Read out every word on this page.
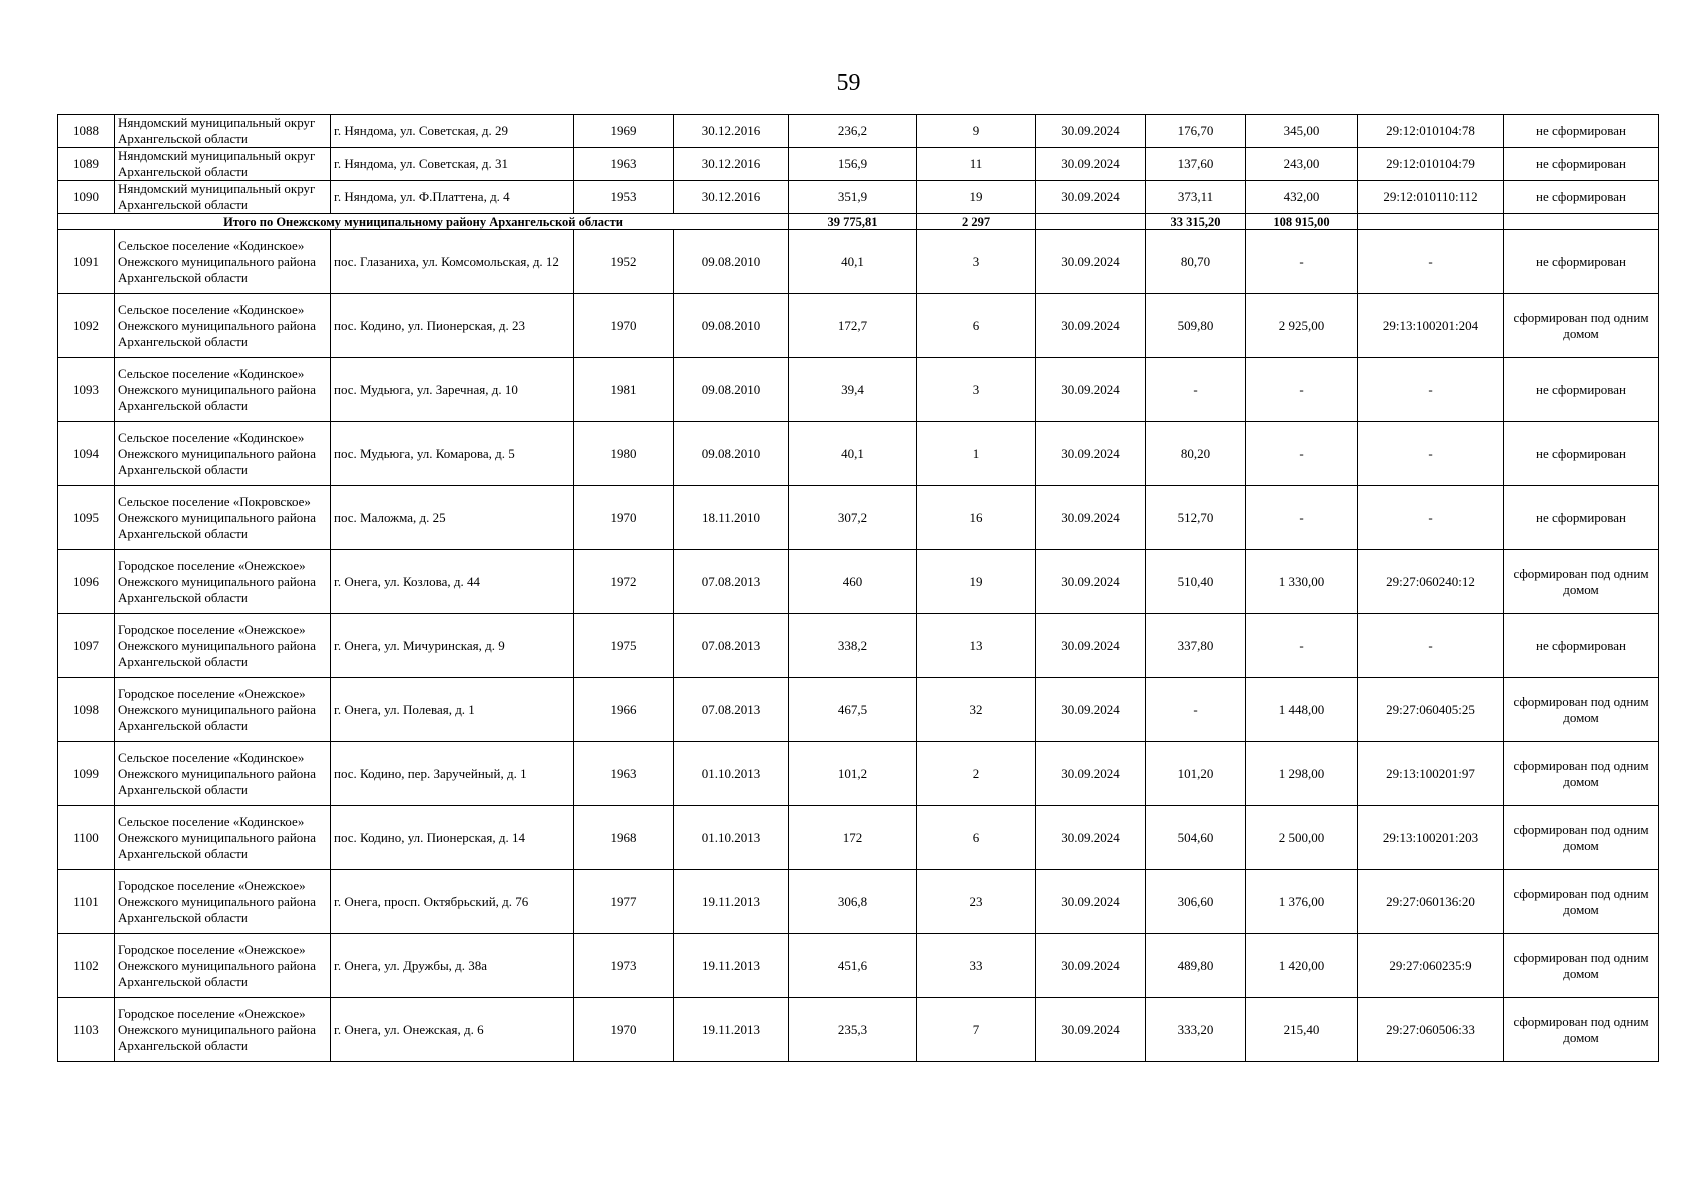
59
1088	Няндомский муниципальный округ Архангельской области	г. Няндома, ул. Советская, д. 29	1969	30.12.2016	236,2	9	30.09.2024	176,70	345,00	29:12:010104:78	не сформирован
1089	Няндомский муниципальный округ Архангельской области	г. Няндома, ул. Советская, д. 31	1963	30.12.2016	156,9	11	30.09.2024	137,60	243,00	29:12:010104:79	не сформирован
1090	Няндомский муниципальный округ Архангельской области	г. Няндома, ул. Ф.Платтена, д. 4	1953	30.12.2016	351,9	19	30.09.2024	373,11	432,00	29:12:010110:112	не сформирован
Итого по Онежскому муниципальному району Архангельской области					39 775,81	2 297		33 315,20	108 915,00		
1091	Сельское поселение «Кодинское» Онежского муниципального района Архангельской области	пос. Глазаниха, ул. Комсомольская, д. 12	1952	09.08.2010	40,1	3	30.09.2024	80,70	-	-	не сформирован
1092	Сельское поселение «Кодинское» Онежского муниципального района Архангельской области	пос. Кодино, ул. Пионерская, д. 23	1970	09.08.2010	172,7	6	30.09.2024	509,80	2 925,00	29:13:100201:204	сформирован под одним домом
1093	Сельское поселение «Кодинское» Онежского муниципального района Архангельской области	пос. Мудьюга, ул. Заречная, д. 10	1981	09.08.2010	39,4	3	30.09.2024	-	-	-	не сформирован
1094	Сельское поселение «Кодинское» Онежского муниципального района Архангельской области	пос. Мудьюга, ул. Комарова, д. 5	1980	09.08.2010	40,1	1	30.09.2024	80,20	-	-	не сформирован
1095	Сельское поселение «Покровское» Онежского муниципального района Архангельской области	пос. Маложма, д. 25	1970	18.11.2010	307,2	16	30.09.2024	512,70	-	-	не сформирован
1096	Городское поселение «Онежское» Онежского муниципального района Архангельской области	г. Онега, ул. Козлова, д. 44	1972	07.08.2013	460	19	30.09.2024	510,40	1 330,00	29:27:060240:12	сформирован под одним домом
1097	Городское поселение «Онежское» Онежского муниципального района Архангельской области	г. Онега, ул. Мичуринская, д. 9	1975	07.08.2013	338,2	13	30.09.2024	337,80	-	-	не сформирован
1098	Городское поселение «Онежское» Онежского муниципального района Архангельской области	г. Онега, ул. Полевая, д. 1	1966	07.08.2013	467,5	32	30.09.2024	-	1 448,00	29:27:060405:25	сформирован под одним домом
1099	Сельское поселение «Кодинское» Онежского муниципального района Архангельской области	пос. Кодино, пер. Заручейный, д. 1	1963	01.10.2013	101,2	2	30.09.2024	101,20	1 298,00	29:13:100201:97	сформирован под одним домом
1100	Сельское поселение «Кодинское» Онежского муниципального района Архангельской области	пос. Кодино, ул. Пионерская, д. 14	1968	01.10.2013	172	6	30.09.2024	504,60	2 500,00	29:13:100201:203	сформирован под одним домом
1101	Городское поселение «Онежское» Онежского муниципального района Архангельской области	г. Онега, просп. Октябрьский, д. 76	1977	19.11.2013	306,8	23	30.09.2024	306,60	1 376,00	29:27:060136:20	сформирован под одним домом
1102	Городское поселение «Онежское» Онежского муниципального района Архангельской области	г. Онега, ул. Дружбы, д. 38а	1973	19.11.2013	451,6	33	30.09.2024	489,80	1 420,00	29:27:060235:9	сформирован под одним домом
1103	Городское поселение «Онежское» Онежского муниципального района Архангельской области	г. Онега, ул. Онежская, д. 6	1970	19.11.2013	235,3	7	30.09.2024	333,20	215,40	29:27:060506:33	сформирован под одним домом
